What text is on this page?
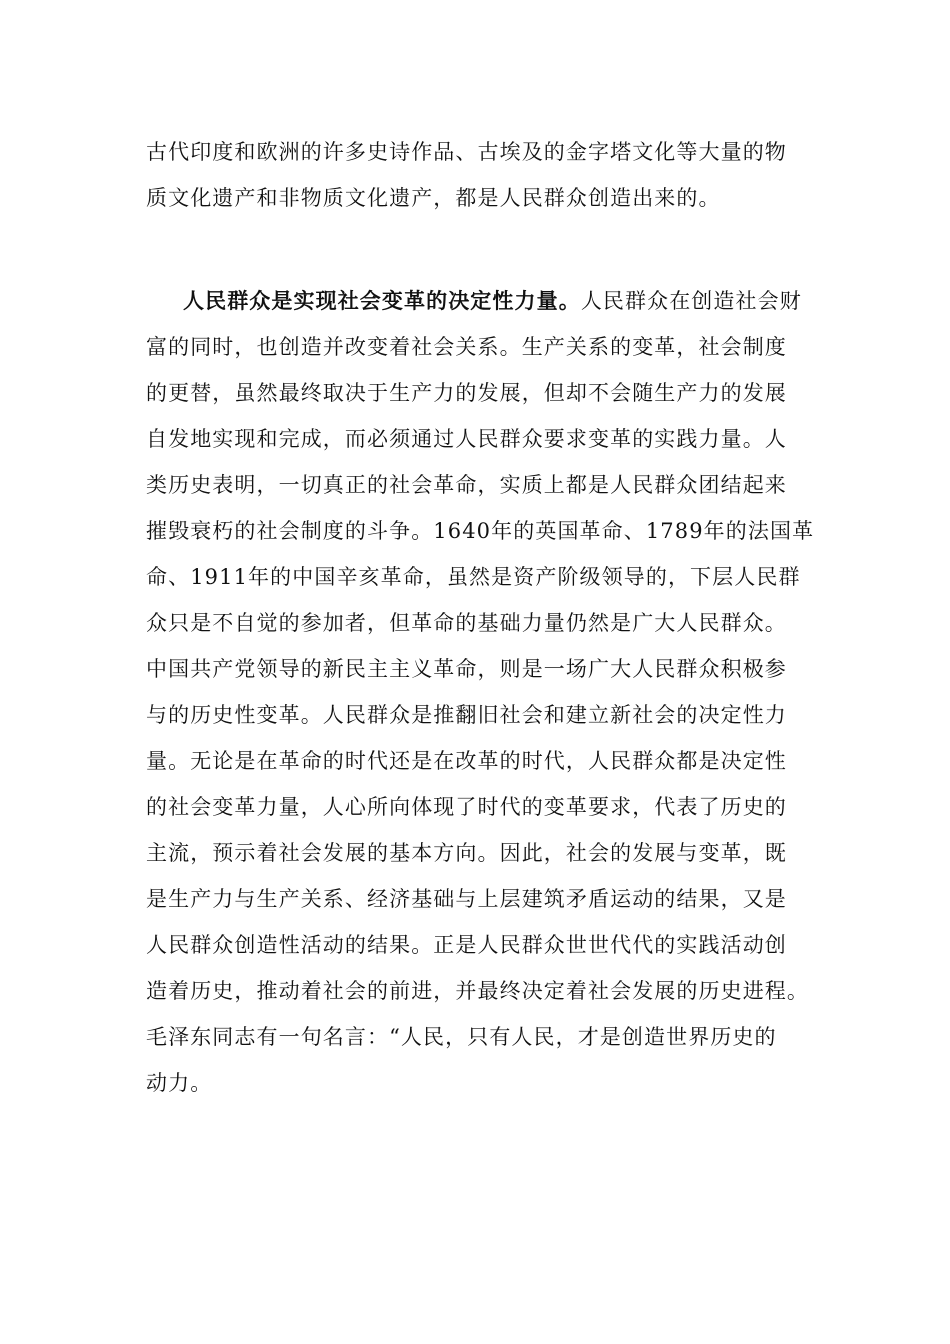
古代印度和欧洲的许多史诗作品、古埃及的金字塔文化等大量的物
质文化遗产和非物质文化遗产，都是人民群众创造出来的。
人民群众是实现社会变革的决定性力量。人民群众在创造社会财
富的同时，也创造并改变着社会关系。生产关系的变革，社会制度
的更替，虽然最终取决于生产力的发展，但却不会随生产力的发展
自发地实现和完成，而必须通过人民群众要求变革的实践力量。人
类历史表明，一切真正的社会革命，实质上都是人民群众团结起来
摧毁衰朽的社会制度的斗争。1640年的英国革命、1789年的法国革
命、1911年的中国辛亥革命，虽然是资产阶级领导的，下层人民群
众只是不自觉的参加者，但革命的基础力量仍然是广大人民群众。
中国共产党领导的新民主主义革命，则是一场广大人民群众积极参
与的历史性变革。人民群众是推翻旧社会和建立新社会的决定性力
量。无论是在革命的时代还是在改革的时代，人民群众都是决定性
的社会变革力量，人心所向体现了时代的变革要求，代表了历史的
主流，预示着社会发展的基本方向。因此，社会的发展与变革，既
是生产力与生产关系、经济基础与上层建筑矛盾运动的结果，又是
人民群众创造性活动的结果。正是人民群众世世代代的实践活动创
造着历史，推动着社会的前进，并最终决定着社会发展的历史进程。
毛泽东同志有一句名言：“人民，只有人民，才是创造世界历史的
动力。
